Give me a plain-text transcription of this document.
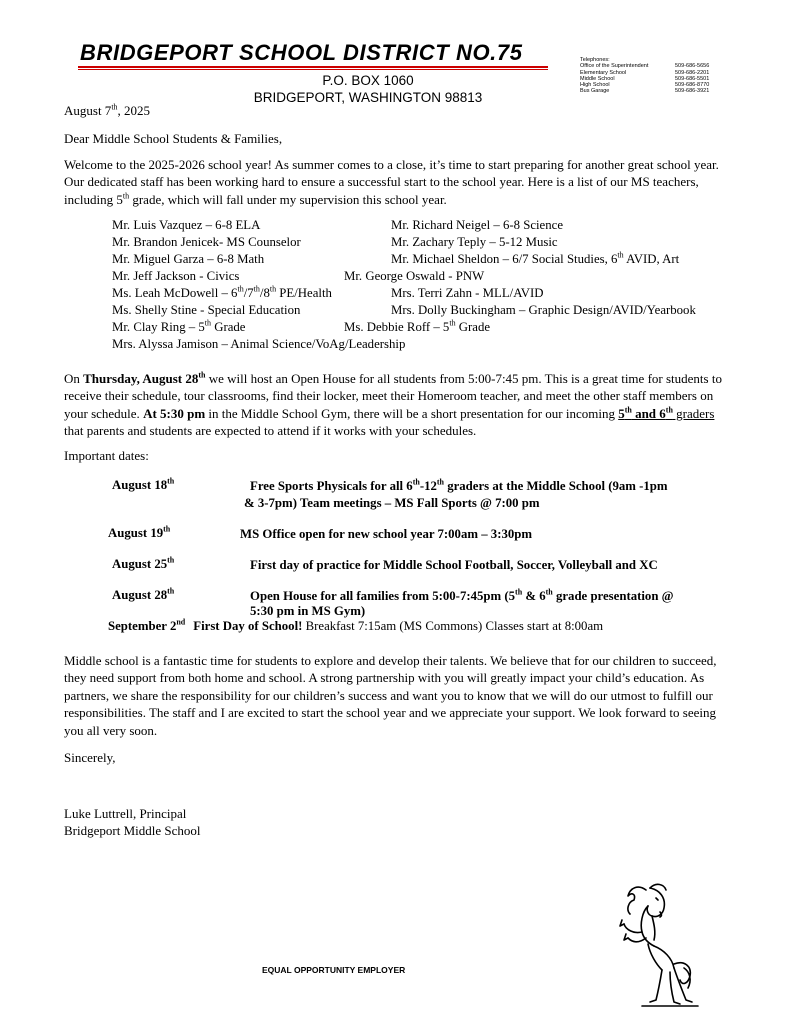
BRIDGEPORT SCHOOL DISTRICT NO.75
P.O. BOX 1060
BRIDGEPORT, WASHINGTON 98813
Telephones:
Office of the Superintendent	509-686-5656
Elementary School	509-686-2201
Middle School	509-686-5501
High School	509-686-8770
Bus Garage	509-686-3921
August 7th, 2025
Dear Middle School Students & Families,
Welcome to the 2025-2026 school year! As summer comes to a close, it’s time to start preparing for another great school year. Our dedicated staff has been working hard to ensure a successful start to the school year. Here is a list of our MS teachers, including 5th grade, which will fall under my supervision this school year.
Mr. Luis Vazquez – 6-8 ELA	Mr. Richard Neigel – 6-8 Science
Mr. Brandon Jenicek- MS Counselor	Mr. Zachary Teply – 5-12 Music
Mr. Miguel Garza – 6-8 Math	Mr. Michael Sheldon – 6/7 Social Studies, 6th AVID, Art
Mr. Jeff Jackson - Civics	Mr. George Oswald - PNW
Ms. Leah McDowell – 6th/7th/8th PE/Health	Mrs. Terri Zahn - MLL/AVID
Ms. Shelly Stine - Special Education	Mrs. Dolly Buckingham – Graphic Design/AVID/Yearbook
Mr. Clay Ring – 5th Grade	Ms. Debbie Roff – 5th Grade
Mrs. Alyssa Jamison – Animal Science/VoAg/Leadership
On Thursday, August 28th we will host an Open House for all students from 5:00-7:45 pm. This is a great time for students to receive their schedule, tour classrooms, find their locker, meet their Homeroom teacher, and meet the other staff members on your schedule. At 5:30 pm in the Middle School Gym, there will be a short presentation for our incoming 5th and 6th graders that parents and students are expected to attend if it works with your schedules.
Important dates:
August 18th	Free Sports Physicals for all 6th-12th graders at the Middle School (9am -1pm
& 3-7pm) Team meetings – MS Fall Sports @ 7:00 pm
August 19th	MS Office open for new school year 7:00am – 3:30pm
August 25th	First day of practice for Middle School Football, Soccer, Volleyball and XC
August 28th	Open House for all families from 5:00-7:45pm (5th & 6th grade presentation @
5:30 pm in MS Gym)
September 2nd First Day of School! Breakfast 7:15am (MS Commons) Classes start at 8:00am
Middle school is a fantastic time for students to explore and develop their talents. We believe that for our children to succeed, they need support from both home and school. A strong partnership with you will greatly impact your child’s education. As partners, we share the responsibility for our children’s success and want you to know that we will do our utmost to fulfill our responsibilities. The staff and I are excited to start the school year and we appreciate your support. We look forward to seeing you all very soon.
Sincerely,
Luke Luttrell, Principal
Bridgeport Middle School
EQUAL OPPORTUNITY EMPLOYER
